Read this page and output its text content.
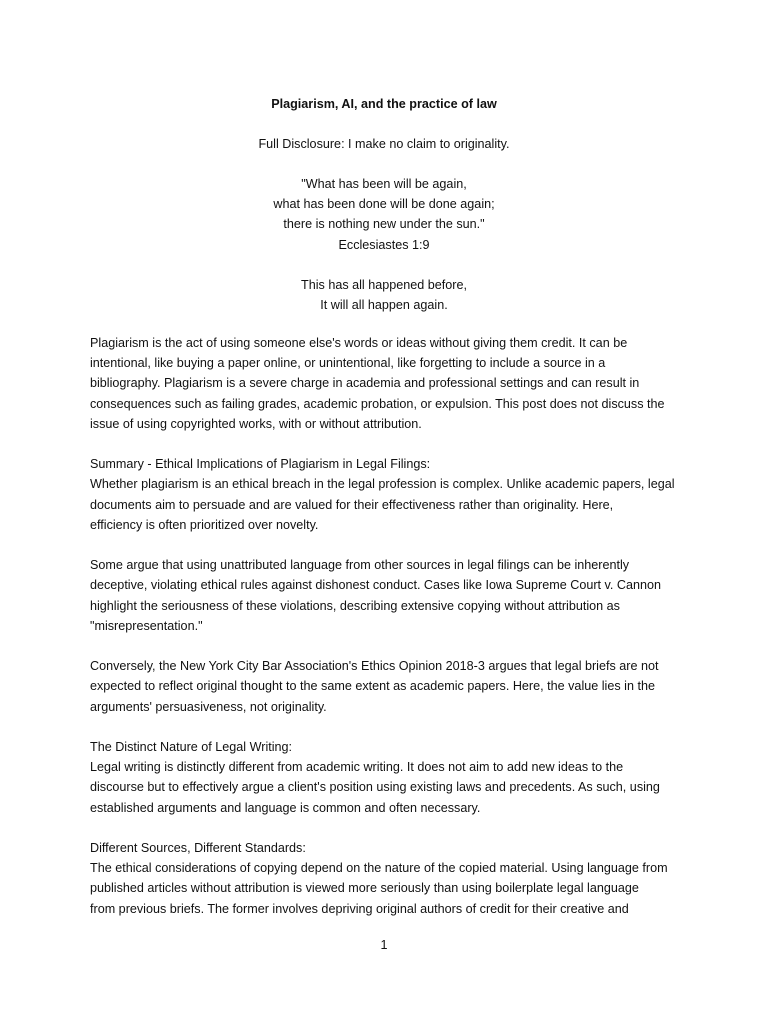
Plagiarism, AI, and the practice of law

Full Disclosure: I make no claim to originality.

"What has been will be again,
what has been done will be done again;
there is nothing new under the sun."
Ecclesiastes 1:9
This has all happened before,
It will all happen again.

Plagiarism is the act of using someone else's words or ideas without giving them credit. It can be
intentional, like buying a paper online, or unintentional, like forgetting to include a source in a
bibliography. Plagiarism is a severe charge in academia and professional settings and can result in
consequences such as failing grades, academic probation, or expulsion. This post does not discuss the
issue of using copyrighted works, with or without attribution.

Summary - Ethical Implications of Plagiarism in Legal Filings:
Whether plagiarism is an ethical breach in the legal profession is complex. Unlike academic papers, legal
documents aim to persuade and are valued for their effectiveness rather than originality. Here,
efficiency is often prioritized over novelty.

Some argue that using unattributed language from other sources in legal filings can be inherently
deceptive, violating ethical rules against dishonest conduct. Cases like Iowa Supreme Court v. Cannon
highlight the seriousness of these violations, describing extensive copying without attribution as
"misrepresentation."

Conversely, the New York City Bar Association's Ethics Opinion 2018-3 argues that legal briefs are not
expected to reflect original thought to the same extent as academic papers. Here, the value lies in the
arguments' persuasiveness, not originality.

The Distinct Nature of Legal Writing:
Legal writing is distinctly different from academic writing. It does not aim to add new ideas to the
discourse but to effectively argue a client's position using existing laws and precedents. As such, using
established arguments and language is common and often necessary.

Different Sources, Different Standards:
The ethical considerations of copying depend on the nature of the copied material. Using language from
published articles without attribution is viewed more seriously than using boilerplate legal language
from previous briefs. The former involves depriving original authors of credit for their creative and

1
